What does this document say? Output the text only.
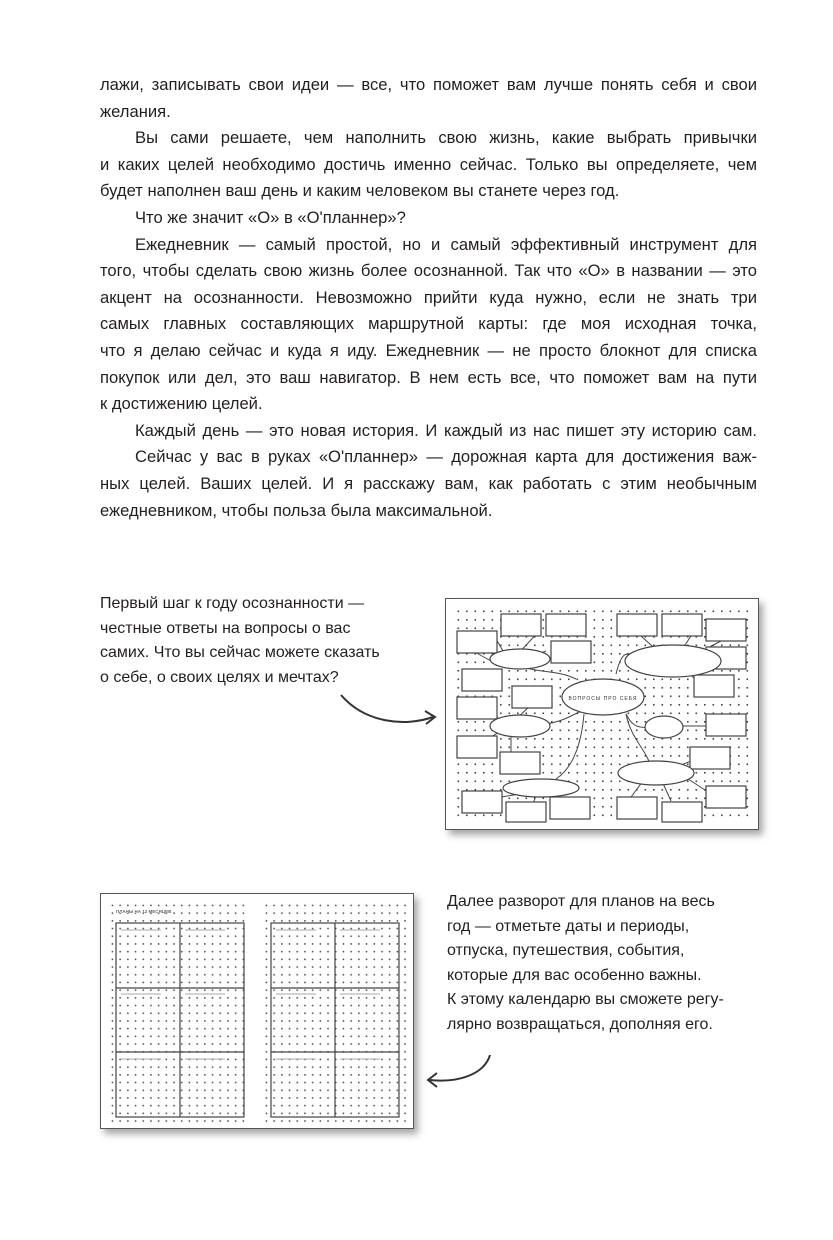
лажи, записывать свои идеи — все, что поможет вам лучше понять себя и свои
желания.
Вы сами решаете, чем наполнить свою жизнь, какие выбрать привычки
и каких целей необходимо достичь именно сейчас. Только вы определяете, чем
будет наполнен ваш день и каким человеком вы станете через год.
Что же значит «О» в «О'планнер»?
Ежедневник — самый простой, но и самый эффективный инструмент для
того, чтобы сделать свою жизнь более осознанной. Так что «О» в названии — это
акцент на осознанности. Невозможно прийти куда нужно, если не знать три
самых главных составляющих маршрутной карты: где моя исходная точка,
что я делаю сейчас и куда я иду. Ежедневник — не просто блокнот для списка
покупок или дел, это ваш навигатор. В нем есть все, что поможет вам на пути
к достижению целей.
Каждый день — это новая история. И каждый из нас пишет эту историю сам.
Сейчас у вас в руках «О'планнер» — дорожная карта для достижения важ-
ных целей. Ваших целей. И я расскажу вам, как работать с этим необычным
ежедневником, чтобы польза была максимальной.
Первый шаг к году осознанности —
честные ответы на вопросы о вас
самих. Что вы сейчас можете сказать
о себе, о своих целях и мечтах?
ВОПРОСЫ ПРО СЕБЯ
ПЛАНЫ НА 12 МЕСЯЦЕВ
Далее разворот для планов на весь
год — отметьте даты и периоды,
отпуска, путешествия, события,
которые для вас особенно важны.
К этому календарю вы сможете регу-
лярно возвращаться, дополняя его.
